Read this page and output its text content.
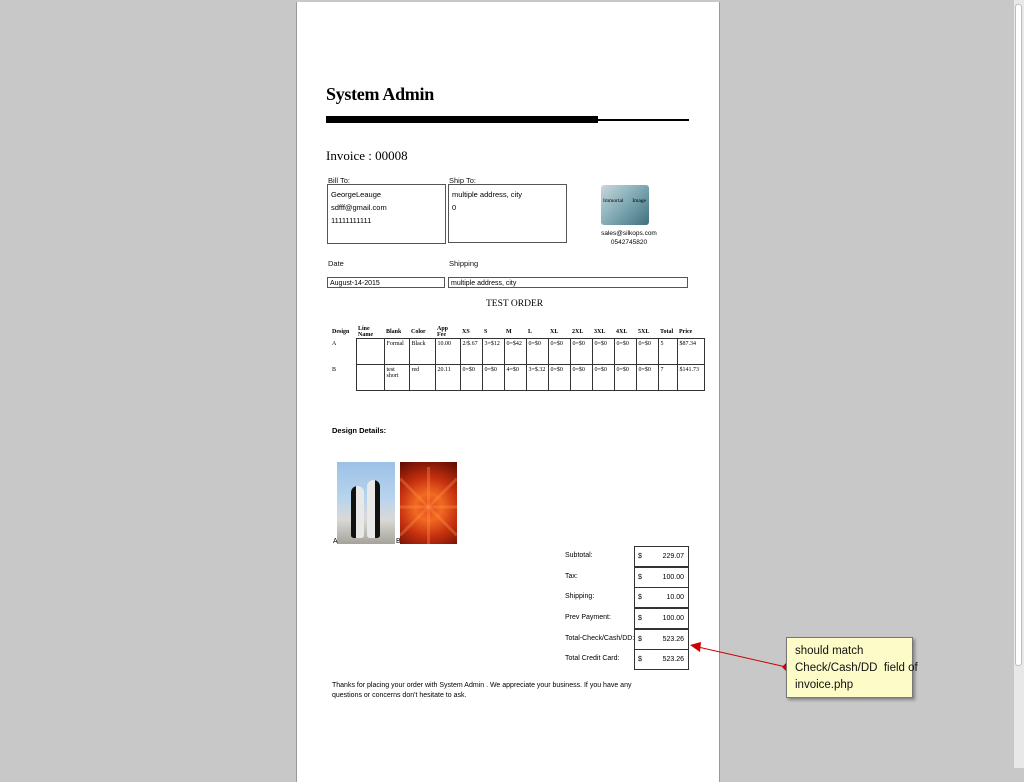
System Admin
Invoice : 00008
Bill To:
GeorgeLeauge
sdfff@gmail.com
11111111111
Ship To:
multiple address, city
0
Immortal Image
sales@silkops.com
0542745820
Date
August-14-2015
Shipping
multiple address, city
TEST ORDER
Design	Line Name	Blank	Color	App Fee	XS	S	M	L	XL	2XL	3XL	4XL	5XL	Total	Price
A		Formal	Black	10.00	2/$.67	3=$12	0=$42	0=$0	0=$0	0=$0	0=$0	0=$0	0=$0	5	$87.34
B		test short	red	20.11	0=$0	0=$0	4=$0	3=$.32	0=$0	0=$0	0=$0	0=$0	0=$0	7	$141.73
Design Details:
A	B
Subtotal:	$	229.07
Tax:	$	100.00
Shipping:	$	10.00
Prev Payment:	$	100.00
Total-Check/Cash/DD: $	523.26
Total Credit Card:	$	523.26
Thanks for placing your order with System Admin . We appreciate your business. If you have any questions or concerns don't hesitate to ask.
should match
Check/Cash/DD  field of
invoice.php
